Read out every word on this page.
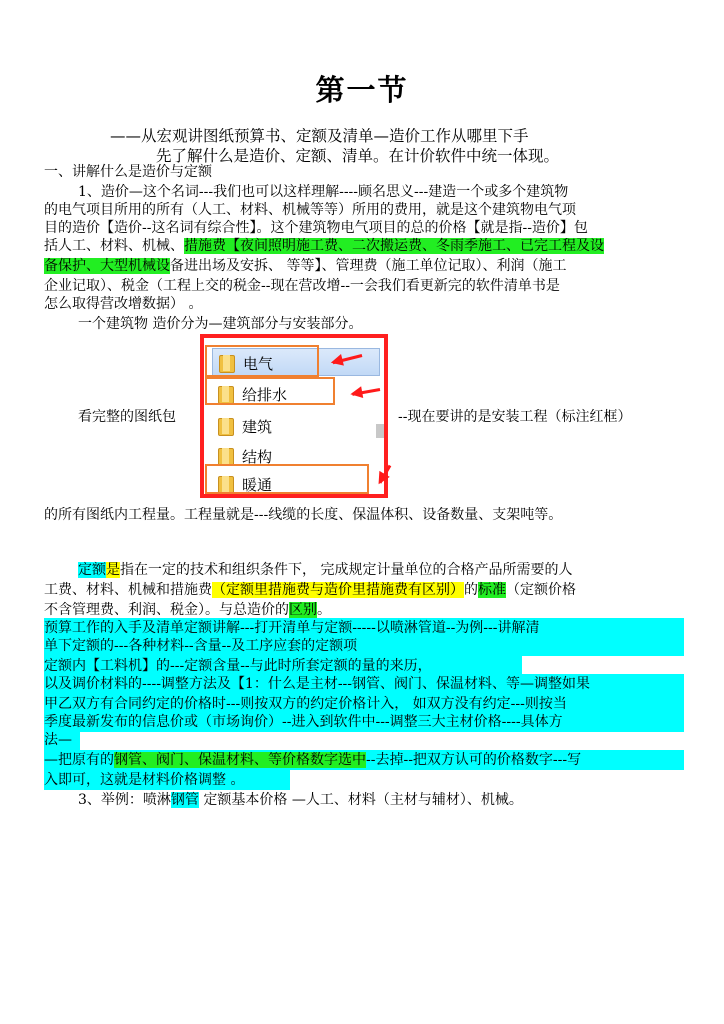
第一节
——从宏观讲图纸预算书、定额及清单—造价工作从哪里下手
先了解什么是造价、定额、清单。在计价软件中统一体现。
一、讲解什么是造价与定额
1、造价—这个名词---我们也可以这样理解----顾名思义---建造一个或多个建筑物
的电气项目所用的所有（人工、材料、机械等等）所用的费用，就是这个建筑物电气项
目的造价【造价--这名词有综合性】。这个建筑物电气项目的总的价格【就是指--造价】包
括人工、材料、机械、措施费【夜间照明施工费、二次搬运费、冬雨季施工、已完工程及设
备保护、大型机械设备进出场及安拆、 等等】、管理费（施工单位记取）、利润（施工
企业记取）、税金（工程上交的税金--现在营改增--一会我们看更新完的软件清单书是
怎么取得营改增数据） 。
一个建筑物 造价分为—建筑部分与安装部分。
看完整的图纸包	--现在要讲的是安装工程（标注红框）
电气
给排水
建筑
结构
暖通
的所有图纸内工程量。工程量就是---线缆的长度、保温体积、设备数量、支架吨等。
定额是指在一定的技术和组织条件下， 完成规定计量单位的合格产品所需要的人
工费、材料、机械和措施费（定额里措施费与造价里措施费有区别）的标准（定额价格
不含管理费、利润、税金）。与总造价的区别。
预算工作的入手及清单定额讲解---打开清单与定额-----以喷淋管道--为例---讲解清
单下定额的---各种材料--含量--及工序应套的定额项
定额内【工料机】的---定额含量--与此时所套定额的量的来历，
以及调价材料的----调整方法及【1：什么是主材---钢管、阀门、保温材料、等—调整如果
甲乙双方有合同约定的价格时---则按双方的约定价格计入， 如双方没有约定---则按当
季度最新发布的信息价或（市场询价）--进入到软件中---调整三大主材价格----具体方
法—
—把原有的钢管、阀门、保温材料、等价格数字选中--去掉--把双方认可的价格数字---写
入即可，这就是材料价格调整 。
3、举例：喷淋钢管 定额基本价格 —人工、材料（主材与辅材）、机械。
